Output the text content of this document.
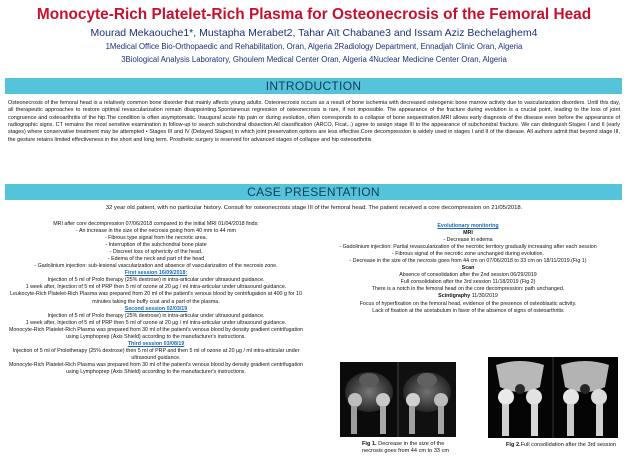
Monocyte-Rich Platelet-Rich Plasma for Osteonecrosis of the Femoral Head
Mourad Mekaouche1*, Mustapha Merabet2, Tahar Aït Chabane3 and Issam Aziz Bechelaghem4
1Medical Office Bio-Orthopaedic and Rehabilitation, Oran, Algeria 2Radiology Department, Ennadjah Clinic Oran, Algeria
3Biological Analysis Laboratory, Ghoulem Medical Center Oran, Algeria 4Nuclear Medicine Center Oran, Algeria
INTRODUCTION
Osteonecrosis of the femoral head is a relatively common bone disorder that mainly affects young adults. Osteonecrosis occurs as a result of bone ischemia with decreased osteogenic bone marrow activity due to vascularization disorders. Until this day, all therapeutic approaches to restore optimal revascularization remain disappointing.Spontaneous regression of osteonecrosis is rare, if not impossible. The appearance of the fracture during evolution is a crucial point, leading to the loss of joint congruence and osteoarthritis of the hip.The condition is often asymptomatic. Inaugural acute hip pain or during evolution, often corresponds to a collapse of bone sequestration.MRI allows early diagnosis of the disease even before the appearance of radiographic signs. CT remains the most sensitive examination in follow-up to search subchondral dissection.All classification (ARCO, Ficat...) agree to assign stage III to the appearance of subchondral fracture. We can distinguish:Stages I and II (early stages) where conservative treatment may be attempted • Stages III and IV (Delayed Stages) in which joint preservation options are less effective.Core decompression is widely used in stages I and II of the disease. All authors admit that beyond stage III, the gesture retains limited effectiveness in the short and long term. Prosthetic surgery is reserved for advanced stages of collapse and hip osteoarthritis
CASE PRESENTATION
32 year old patient, with no particular history. Consult for osteonecrosis stage III of the femoral head. The patient received a core decompression on 21/05/2018.
MRI after core decompression 07/06/2018 compared to the initial MRI 01/04/2018 finds:
- An increase in the size of the necrosis going from 40 mm to 44 mm
- Fibrous type signal from the necrotic area.
- Interruption of the subchondral bone plate
- Discreet loss of sphericity of the head.
- Edema of the neck and part of the head
- Gadolinium injection: sub-lesional vascularization and absence of vascularization of the necrosis zone.
First session 16/09/2018:
Injection of 5 ml of Prolo therapy (25% dextrose) in intra-articular under ultrasound guidance.
1 week after, Injection of 5 ml of PRP then 5 ml of ozone at 20 µg / ml intra-articular under ultrasound guidance.
Leukocyte-Rich Platelet-Rich Plasma was prepared from 20 ml of the patient's venous blood by centrifugation at 400 g for 10 minutes taking the buffy coat and a part of the plasma.
Second session 02/03/19
Injection of 5 ml of Prolo therapy (25% dextrose) in intra-articular under ultrasound guidance.
1 week after, Injection of 5 ml of PRP then 5 ml of ozone at 20 µg / ml intra-articular under ultrasound guidance.
Monocyte-Rich Platelet-Rich Plasma was prepared from 30 ml of the patient's venous blood by density gradient centrifugation using Lymphoprep (Axis Shield) according to the manufacturer's instructions.
Third session 03/08/19
Injection of 5 ml of Prolotherapy (25% dextrose) then 5 ml of PRP and then 5 ml of ozone at 20 µg / ml intra-articular under ultrasound guidance.
Monocyte-Rich Platelet-Rich Plasma was prepared from 30 ml of the patient's venous blood by density gradient centrifugation using Lymphoprep (Axis Shield) according to the manufacturer's instructions.
Evolutionary monitoring
MRI
- Decrease in edema
- Gadolinium injection: Partial revascularization of the necrotic territory gradually increasing after each session
- Fibrous signal of the necrotic zone unchanged during evolution.
- Decrease in the size of the necrosis goes from 44 cm on 07/06/2018 to 33 cm on 18/11/2019.(Fig 1)
Scan
Absence of consolidation after the 2nd session 06/29/2019
Full consolidation after the 3rd session 11/18/2019 (Fig 2)
There is a notch in the femoral head on the core decompression: path unchanged.
Scintigraphy 11/30/2019
Focus of hyperfixation on the femoral head, evidence of the presence of osteoblastic activity.
Lack of fixation at the acetabulum in favor of the absence of signs of osteoarthritis
Fig 1. Decrease in the size of the
necrosis goes from 44 cm to 33 cm
Fig 2.Full consolidation after the 3rd session
